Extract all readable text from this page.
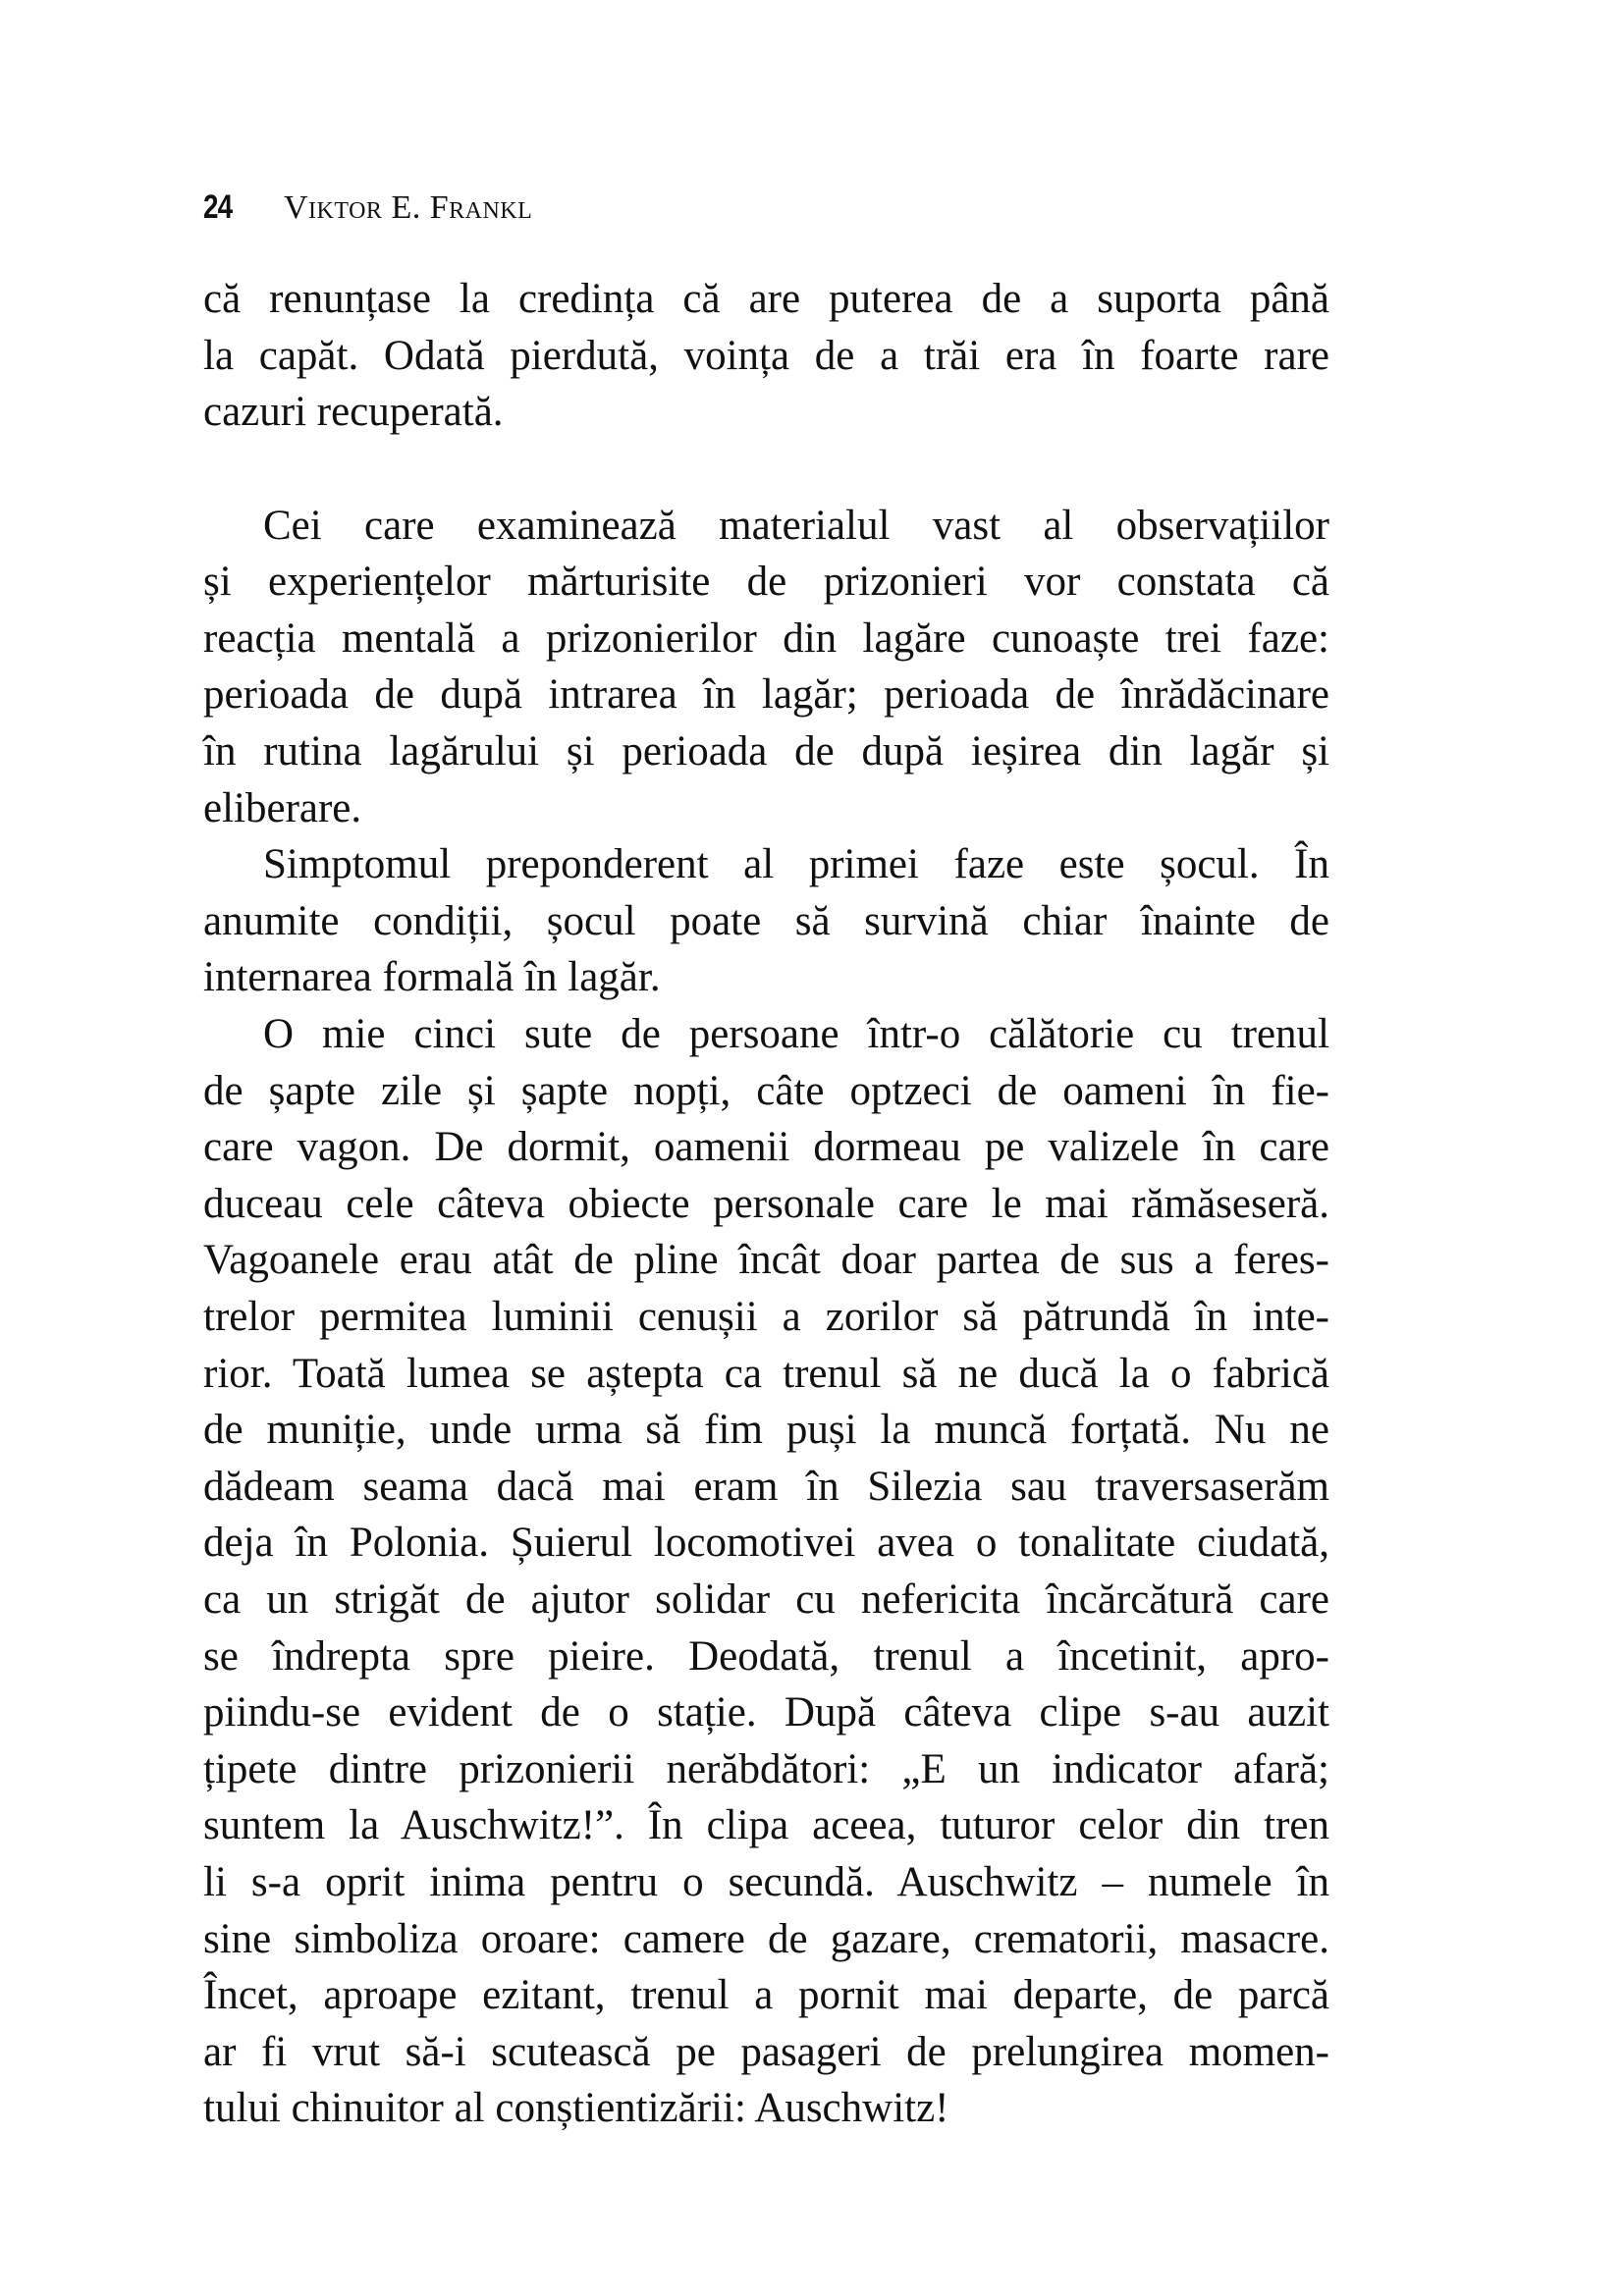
24 Viktor E. Frankl
că renunțase la credința că are puterea de a suporta până
la capăt. Odată pierdută, voința de a trăi era în foarte rare
cazuri recuperată.
Cei care examinează materialul vast al observațiilor
și experiențelor mărturisite de prizonieri vor constata că
reacția mentală a prizonierilor din lagăre cunoaște trei faze:
perioada de după intrarea în lagăr; perioada de înrădăcinare
în rutina lagărului și perioada de după ieșirea din lagăr și
eliberare.
Simptomul preponderent al primei faze este șocul. În
anumite condiții, șocul poate să survină chiar înainte de
internarea formală în lagăr.
O mie cinci sute de persoane într-o călătorie cu trenul
de șapte zile și șapte nopți, câte optzeci de oameni în fie-
care vagon. De dormit, oamenii dormeau pe valizele în care
duceau cele câteva obiecte personale care le mai rămăseseră.
Vagoanele erau atât de pline încât doar partea de sus a feres-
trelor permitea luminii cenușii a zorilor să pătrundă în inte-
rior. Toată lumea se aștepta ca trenul să ne ducă la o fabrică
de muniție, unde urma să fim puși la muncă forțată. Nu ne
dădeam seama dacă mai eram în Silezia sau traversaserăm
deja în Polonia. Șuierul locomotivei avea o tonalitate ciudată,
ca un strigăt de ajutor solidar cu nefericita încărcătură care
se îndrepta spre pieire. Deodată, trenul a încetinit, apro-
piindu-se evident de o stație. După câteva clipe s-au auzit
țipete dintre prizonierii nerăbdători: „E un indicator afară;
suntem la Auschwitz!”. În clipa aceea, tuturor celor din tren
li s-a oprit inima pentru o secundă. Auschwitz – numele în
sine simboliza oroare: camere de gazare, crematorii, masacre.
Încet, aproape ezitant, trenul a pornit mai departe, de parcă
ar fi vrut să-i scutească pe pasageri de prelungirea momen-
tului chinuitor al conștientizării: Auschwitz!
